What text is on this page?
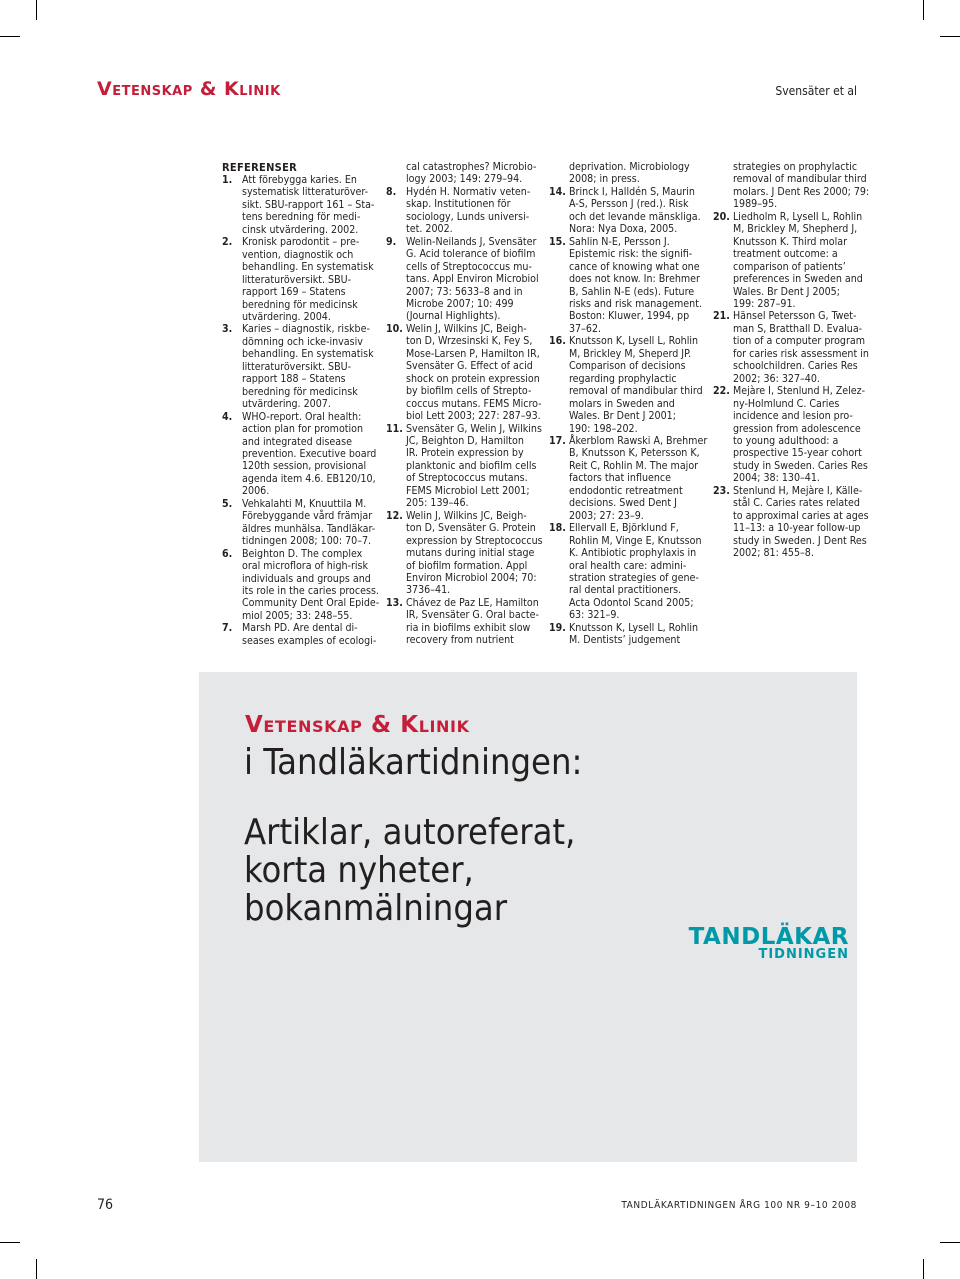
Vetenskap & Klinik	Svensäter et al
REFERENSER
1. Att förebygga karies. En
systematisk litteraturöver-
sikt. SBU-rapport 161 – Sta-
tens beredning för medi-
cinsk utvärdering. 2002.
2. Kronisk parodontit – pre-
vention, diagnostik och
behandling. En systematisk
litteraturöversikt. SBU-
rapport 169 – Statens
beredning för medicinsk
utvärdering. 2004.
3. Karies – diagnostik, riskbe-
dömning och icke-invasiv
behandling. En systematisk
litteraturöversikt. SBU-
rapport 188 – Statens
beredning för medicinsk
utvärdering. 2007.
4. WHO-report. Oral health:
action plan for promotion
and integrated disease
prevention. Executive board
120th session, provisional
agenda item 4.6. EB120/10,
2006.
5. Vehkalahti M, Knuuttila M.
Förebyggande vård främjar
äldres munhälsa. Tandläkar-
tidningen 2008; 100: 70–7.
6. Beighton D. The complex
oral microflora of high-risk
individuals and groups and
its role in the caries process.
Community Dent Oral Epide-
miol 2005; 33: 248–55.
7. Marsh PD. Are dental di-
seases examples of ecologi-
cal catastrophes? Microbio-
logy 2003; 149: 279–94.
8. Hydén H. Normativ veten-
skap. Institutionen för
sociology, Lunds universi-
tet. 2002.
9. Welin-Neilands J, Svensäter
G. Acid tolerance of biofilm
cells of Streptococcus mu-
tans. Appl Environ Microbiol
2007; 73: 5633–8 and in
Microbe 2007; 10: 499
(Journal Highlights).
10. Welin J, Wilkins JC, Beigh-
ton D, Wrzesinski K, Fey S,
Mose-Larsen P, Hamilton IR,
Svensäter G. Effect of acid
shock on protein expression
by biofilm cells of Strepto-
coccus mutans. FEMS Micro-
biol Lett 2003; 227: 287–93.
11. Svensäter G, Welin J, Wilkins
JC, Beighton D, Hamilton
IR. Protein expression by
planktonic and biofilm cells
of Streptococcus mutans.
FEMS Microbiol Lett 2001;
205: 139–46.
12. Welin J, Wilkins JC, Beigh-
ton D, Svensäter G. Protein
expression by Streptococcus
mutans during initial stage
of biofilm formation. Appl
Environ Microbiol 2004; 70:
3736–41.
13. Chávez de Paz LE, Hamilton
IR, Svensäter G. Oral bacte-
ria in biofilms exhibit slow
recovery from nutrient
deprivation. Microbiology
2008; in press.
14. Brinck I, Halldén S, Maurin
A-S, Persson J (red.). Risk
och det levande mänskliga.
Nora: Nya Doxa, 2005.
15. Sahlin N-E, Persson J.
Epistemic risk: the signifi-
cance of knowing what one
does not know. In: Brehmer
B, Sahlin N-E (eds). Future
risks and risk management.
Boston: Kluwer, 1994, pp
37–62.
16. Knutsson K, Lysell L, Rohlin
M, Brickley M, Sheperd JP.
Comparison of decisions
regarding prophylactic
removal of mandibular third
molars in Sweden and
Wales. Br Dent J 2001;
190: 198–202.
17. Åkerblom Rawski A, Brehmer
B, Knutsson K, Petersson K,
Reit C, Rohlin M. The major
factors that influence
endodontic retreatment
decisions. Swed Dent J
2003; 27: 23–9.
18. Ellervall E, Björklund F,
Rohlin M, Vinge E, Knutsson
K. Antibiotic prophylaxis in
oral health care: admini-
stration strategies of gene-
ral dental practitioners.
Acta Odontol Scand 2005;
63: 321–9.
19. Knutsson K, Lysell L, Rohlin
M. Dentists’ judgement
strategies on prophylactic
removal of mandibular third
molars. J Dent Res 2000; 79:
1989–95.
20. Liedholm R, Lysell L, Rohlin
M, Brickley M, Shepherd J,
Knutsson K. Third molar
treatment outcome: a
comparison of patients’
preferences in Sweden and
Wales. Br Dent J 2005;
199: 287–91.
21. Hänsel Petersson G, Twet-
man S, Bratthall D. Evalua-
tion of a computer program
for caries risk assessment in
schoolchildren. Caries Res
2002; 36: 327–40.
22. Mejàre I, Stenlund H, Zelez-
ny-Holmlund C. Caries
incidence and lesion pro-
gression from adolescence
to young adulthood: a
prospective 15-year cohort
study in Sweden. Caries Res
2004; 38: 130–41.
23. Stenlund H, Mejàre I, Källe-
stål C. Caries rates related
to approximal caries at ages
11–13: a 10-year follow-up
study in Sweden. J Dent Res
2002; 81: 455–8.
Vetenskap & Klinik
i Tandläkartidningen:
Artiklar, autoreferat,
korta nyheter,
bokanmälningar
TANDLÄKAR
TIDNINGEN
76	TANDLÄKARTIDNINGEN ÅRG 100 NR 9–10 2008
